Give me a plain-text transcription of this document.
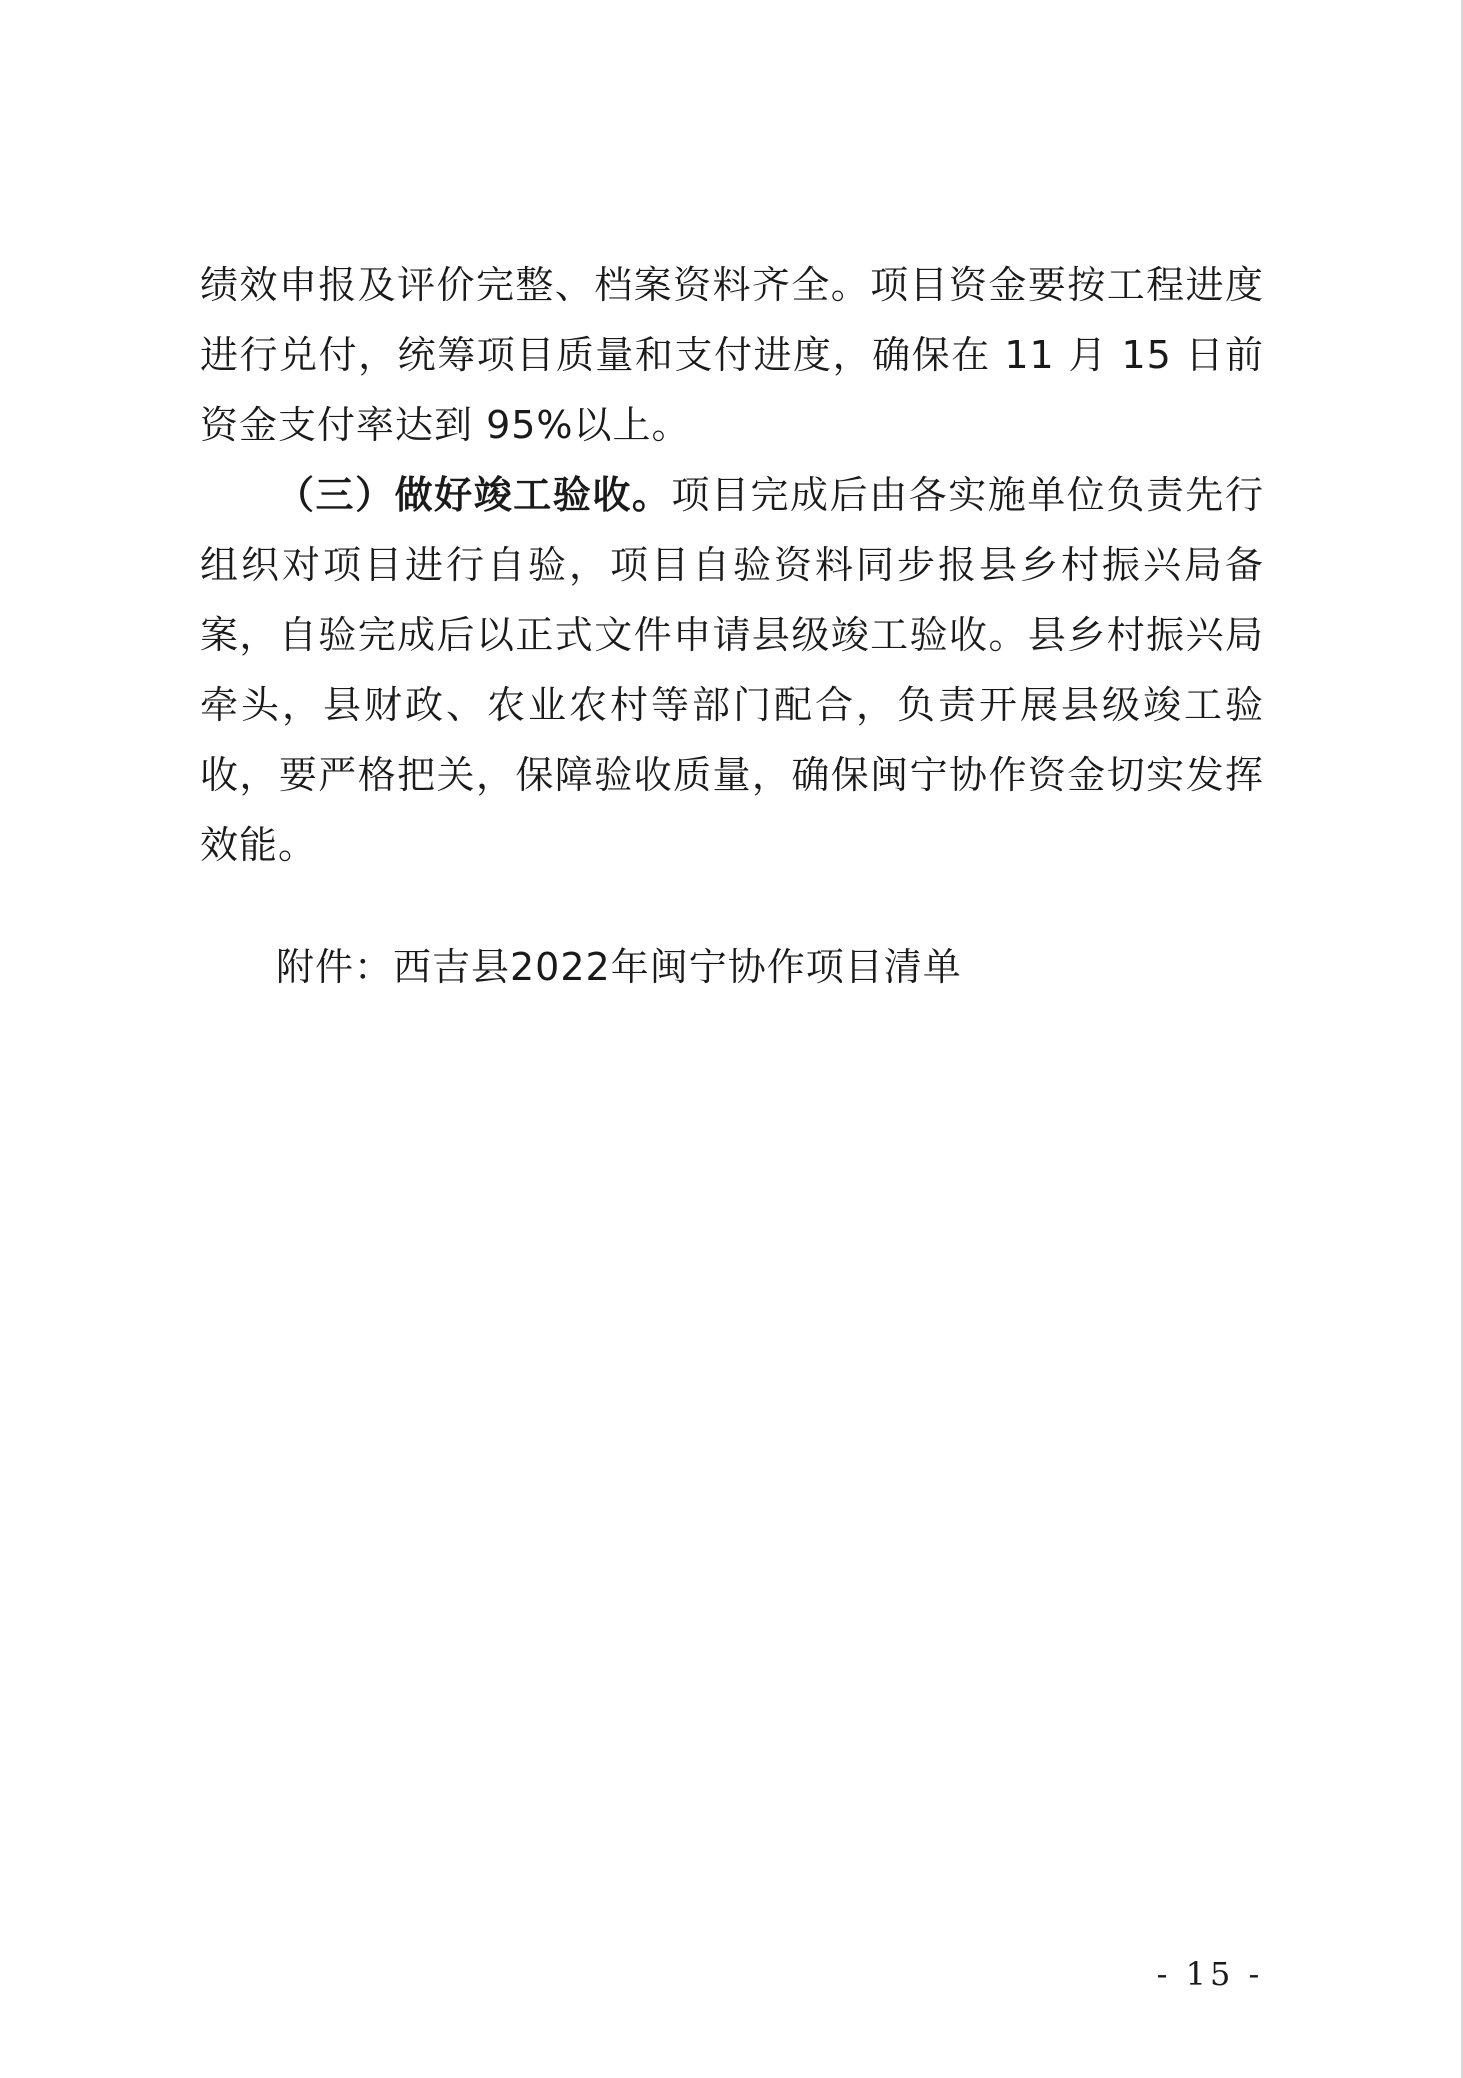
绩效申报及评价完整、档案资料齐全。项目资金要按工程进度进行兑付，统筹项目质量和支付进度，确保在 11 月 15 日前资金支付率达到 95%以上。

（三）做好竣工验收。项目完成后由各实施单位负责先行组织对项目进行自验，项目自验资料同步报县乡村振兴局备案，自验完成后以正式文件申请县级竣工验收。县乡村振兴局牵头，县财政、农业农村等部门配合，负责开展县级竣工验收，要严格把关，保障验收质量，确保闽宁协作资金切实发挥效能。

附件：西吉县2022年闽宁协作项目清单

- 15 -
